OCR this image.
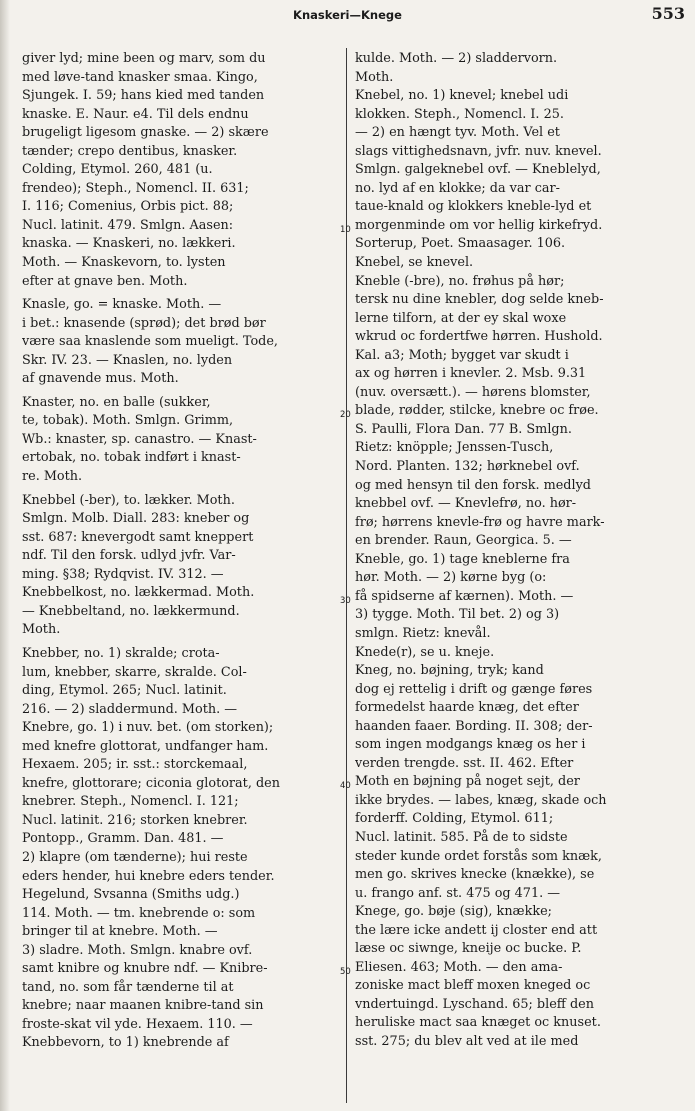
Knaskeri—Knege	553
giver lyd; mine been og marv, som du
med løve-tand knasker smaa. Kingo,
Sjungek. I. 59; hans kied med tanden
knaske. E. Naur. e4. Til dels endnu
brugeligt ligesom gnaske. — 2) skære
tænder; crepo dentibus, knasker.
Colding, Etymol. 260, 481 (u.
frendeo); Steph., Nomencl. II. 631;
I. 116; Comenius, Orbis pict. 88;
Nucl. latinit. 479. Smlgn. Aasen:
knaska. — Knaskeri, no. lækkeri.
Moth. — Knaskevorn, to. lysten
efter at gnave ben. Moth.
Knasle, go. = knaske. Moth. —
i bet.: knasende (sprød); det brød bør
være saa knaslende som mueligt. Tode,
Skr. IV. 23. — Knaslen, no. lyden
af gnavende mus. Moth.
Knaster, no. en balle (sukker,
te, tobak). Moth. Smlgn. Grimm,
Wb.: knaster, sp. canastro. — Knast-
ertobak, no. tobak indført i knast-
re. Moth.
Knebbel (-ber), to. lækker. Moth.
Smlgn. Molb. Diall. 283: kneber og
sst. 687: knevergodt samt kneppert
ndf. Til den forsk. udlyd jvfr. Var-
ming. §38; Rydqvist. IV. 312. —
Knebbelkost, no. lækkermad. Moth.
— Knebbeltand, no. lækkermund.
Moth.
Knebber, no. 1) skralde; crota-
lum, knebber, skarre, skralde. Col-
ding, Etymol. 265; Nucl. latinit.
216. — 2) sladdermund. Moth. —
Knebre, go. 1) i nuv. bet. (om storken);
med knefre glottorat, undfanger ham.
Hexaem. 205; ir. sst.: storckemaal,
knefre, glottorare; ciconia glotorat, den
knebrer. Steph., Nomencl. I. 121;
Nucl. latinit. 216; storken knebrer.
Pontopp., Gramm. Dan. 481. —
2) klapre (om tænderne); hui reste
eders hender, hui knebre eders tender.
Hegelund, Svsanna (Smiths udg.)
114. Moth. — tm. knebrende o: som
bringer til at knebre. Moth. —
3) sladre. Moth. Smlgn. knabre ovf.
samt knibre og knubre ndf. — Knibre-
tand, no. som får tænderne til at
knebre; naar maanen knibre-tand sin
froste-skat vil yde. Hexaem. 110. —
Knebbevorn, to 1) knebrende af
10
20
30
40
50
kulde. Moth. — 2) sladdervorn.
Moth.
Knebel, no. 1) knevel; knebel udi
klokken. Steph., Nomencl. I. 25.
— 2) en hængt tyv. Moth. Vel et
slags vittighedsnavn, jvfr. nuv. knevel.
Smlgn. galgeknebel ovf. — Kneblelyd,
no. lyd af en klokke; da var car-
taue-knald og klokkers kneble-lyd et
morgenminde om vor hellig kirkefryd.
Sorterup, Poet. Smaasager. 106.
Knebel, se knevel.
Kneble (-bre), no. frøhus på hør;
tersk nu dine knebler, dog selde kneb-
lerne tilforn, at der ey skal woxe
wkrud oc fordertfwe hørren. Hushold.
Kal. a3; Moth; bygget var skudt i
ax og hørren i knevler. 2. Msb. 9.31
(nuv. oversætt.). — hørens blomster,
blade, rødder, stilcke, knebre oc frøe.
S. Paulli, Flora Dan. 77 B. Smlgn.
Rietz: knöpple; Jenssen-Tusch,
Nord. Planten. 132; hørknebel ovf.
og med hensyn til den forsk. medlyd
knebbel ovf. — Knevlefrø, no. hør-
frø; hørrens knevle-frø og havre mark-
en brender. Raun, Georgica. 5. —
Kneble, go. 1) tage kneblerne fra
hør. Moth. — 2) kørne byg (o:
få spidserne af kærnen). Moth. —
3) tygge. Moth. Til bet. 2) og 3)
smlgn. Rietz: knevål.
Knede(r), se u. kneje.
Kneg, no. bøjning, tryk; kand
dog ej rettelig i drift og gænge føres
formedelst haarde knæg, det efter
haanden faaer. Bording. II. 308; der-
som ingen modgangs knæg os her i
verden trengde. sst. II. 462. Efter
Moth en bøjning på noget sejt, der
ikke brydes. — labes, knæg, skade och
forderff. Colding, Etymol. 611;
Nucl. latinit. 585. På de to sidste
steder kunde ordet forstås som knæk,
men go. skrives knecke (knække), se
u. frango anf. st. 475 og 471. —
Knege, go. bøje (sig), knække;
the lære icke andett ij closter end att
læse oc siwnge, kneije oc bucke. P.
Eliesen. 463; Moth. — den ama-
zoniske mact bleff moxen kneged oc
vndertuingd. Lyschand. 65; bleff den
heruliske mact saa knæget oc knuset.
sst. 275; du blev alt ved at ile med
